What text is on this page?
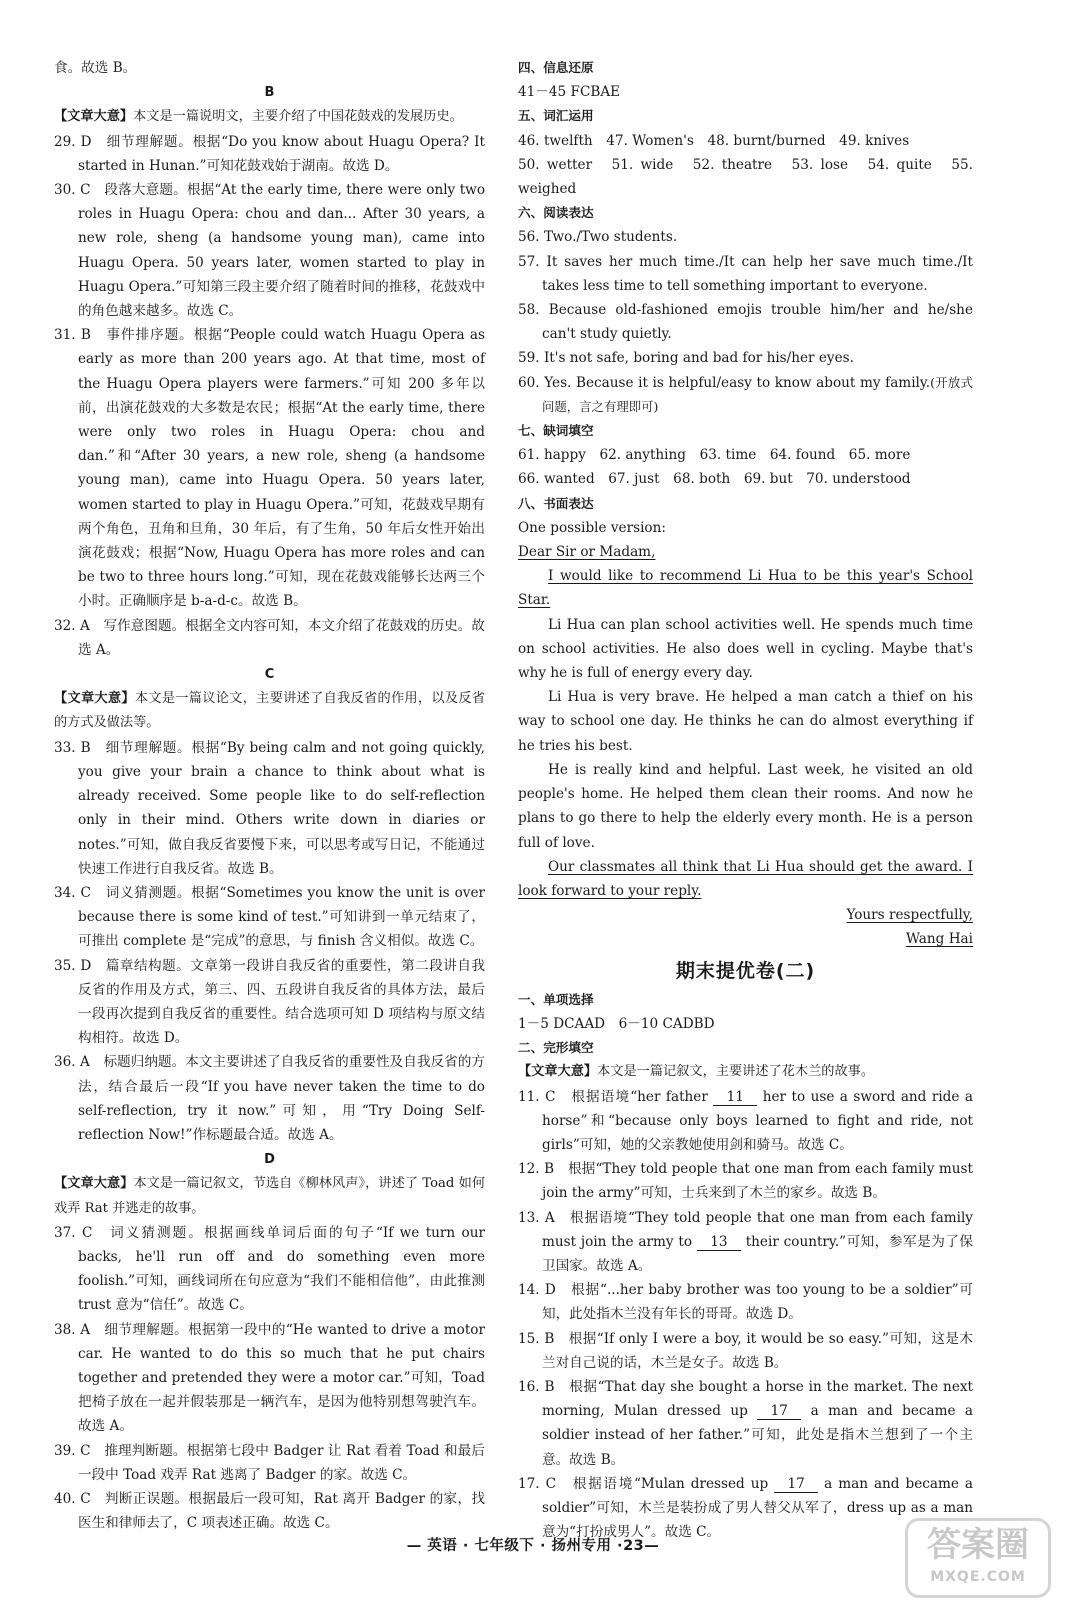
食。故选 B。

B

【文章大意】本文是一篇说明文，主要介绍了中国花鼓戏的发展历史。

29. D　细节理解题。根据“Do you know about Huagu Opera? It started in Hunan.”可知花鼓戏始于湖南。故选 D。

30. C　段落大意题。根据“At the early time, there were only two roles in Huagu Opera: chou and dan... After 30 years, a new role, sheng (a handsome young man), came into Huagu Opera. 50 years later, women started to play in Huagu Opera.”可知第三段主要介绍了随着时间的推移，花鼓戏中的角色越来越多。故选 C。

31. B　事件排序题。根据“People could watch Huagu Opera as early as more than 200 years ago. At that time, most of the Huagu Opera players were farmers.”可知 200 多年以前，出演花鼓戏的大多数是农民；根据“At the early time, there were only two roles in Huagu Opera: chou and dan.”和“After 30 years, a new role, sheng (a handsome young man), came into Huagu Opera. 50 years later, women started to play in Huagu Opera.”可知，花鼓戏早期有两个角色，丑角和旦角，30 年后，有了生角，50 年后女性开始出演花鼓戏；根据“Now, Huagu Opera has more roles and can be two to three hours long.”可知，现在花鼓戏能够长达两三个小时。正确顺序是 b-a-d-c。故选 B。

32. A　写作意图题。根据全文内容可知，本文介绍了花鼓戏的历史。故选 A。

C

【文章大意】本文是一篇议论文，主要讲述了自我反省的作用，以及反省的方式及做法等。

33. B　细节理解题。根据“By being calm and not going quickly, you give your brain a chance to think about what is already received. Some people like to do self-reflection only in their mind. Others write down in diaries or notes.”可知，做自我反省要慢下来，可以思考或写日记，不能通过快速工作进行自我反省。故选 B。

34. C　词义猜测题。根据“Sometimes you know the unit is over because there is some kind of test.”可知讲到一单元结束了，可推出 complete 是“完成”的意思，与 finish 含义相似。故选 C。

35. D　篇章结构题。文章第一段讲自我反省的重要性，第二段讲自我反省的作用及方式，第三、四、五段讲自我反省的具体方法，最后一段再次提到自我反省的重要性。结合选项可知 D 项结构与原文结构相符。故选 D。

36. A　标题归纳题。本文主要讲述了自我反省的重要性及自我反省的方法，结合最后一段“If you have never taken the time to do self-reflection, try it now.”可知，用“Try Doing Self-reflection Now!”作标题最合适。故选 A。

D

【文章大意】本文是一篇记叙文，节选自《柳林风声》，讲述了 Toad 如何戏弄 Rat 并逃走的故事。

37. C　词义猜测题。根据画线单词后面的句子“If we turn our backs, he'll run off and do something even more foolish.”可知，画线词所在句应意为“我们不能相信他”，由此推测 trust 意为“信任”。故选 C。

38. A　细节理解题。根据第一段中的“He wanted to drive a motor car. He wanted to do this so much that he put chairs together and pretended they were a motor car.”可知，Toad 把椅子放在一起并假装那是一辆汽车，是因为他特别想驾驶汽车。故选 A。

39. C　推理判断题。根据第七段中 Badger 让 Rat 看着 Toad 和最后一段中 Toad 戏弄 Rat 逃离了 Badger 的家。故选 C。

40. C　判断正误题。根据最后一段可知，Rat 离开 Badger 的家，找医生和律师去了，C 项表述正确。故选 C。

四、信息还原

41－45 FCBAE

五、词汇运用

46. twelfth　47. Women's　48. burnt/burned　49. knives

50. wetter　51. wide　52. theatre　53. lose　54. quite　55. weighed

六、阅读表达

56. Two./Two students.

57. It saves her much time./It can help her save much time./It takes less time to tell something important to everyone.

58. Because old-fashioned emojis trouble him/her and he/she can't study quietly.

59. It's not safe, boring and bad for his/her eyes.

60. Yes. Because it is helpful/easy to know about my family.(开放式问题，言之有理即可)

七、缺词填空

61. happy　62. anything　63. time　64. found　65. more

66. wanted　67. just　68. both　69. but　70. understood

八、书面表达

One possible version:

Dear Sir or Madam,

I would like to recommend Li Hua to be this year's School Star.

Li Hua can plan school activities well. He spends much time on school activities. He also does well in cycling. Maybe that's why he is full of energy every day.

Li Hua is very brave. He helped a man catch a thief on his way to school one day. He thinks he can do almost everything if he tries his best.

He is really kind and helpful. Last week, he visited an old people's home. He helped them clean their rooms. And now he plans to go there to help the elderly every month. He is a person full of love.

Our classmates all think that Li Hua should get the award. I look forward to your reply.

Yours respectfully,

Wang Hai

期末提优卷(二)

一、单项选择

1－5 DCAAD　6－10 CADBD

二、完形填空

【文章大意】本文是一篇记叙文，主要讲述了花木兰的故事。

11. C　根据语境“her father 11 her to use a sword and ride a horse”和“because only boys learned to fight and ride, not girls”可知，她的父亲教她使用剑和骑马。故选 C。

12. B　根据“They told people that one man from each family must join the army”可知，士兵来到了木兰的家乡。故选 B。

13. A　根据语境“They told people that one man from each family must join the army to 13 their country.”可知，参军是为了保卫国家。故选 A。

14. D　根据“...her baby brother was too young to be a soldier”可知，此处指木兰没有年长的哥哥。故选 D。

15. B　根据“If only I were a boy, it would be so easy.”可知，这是木兰对自己说的话，木兰是女子。故选 B。

16. B　根据“That day she bought a horse in the market. The next morning, Mulan dressed up 17 a man and became a soldier instead of her father.”可知，此处是指木兰想到了一个主意。故选 B。

17. C　根据语境“Mulan dressed up 17 a man and became a soldier”可知，木兰是装扮成了男人替父从军了，dress up as a man 意为“打扮成男人”。故选 C。

— 英语 · 七年级下 · 扬州专用 ·23—	答案圈
MXQE.COM
